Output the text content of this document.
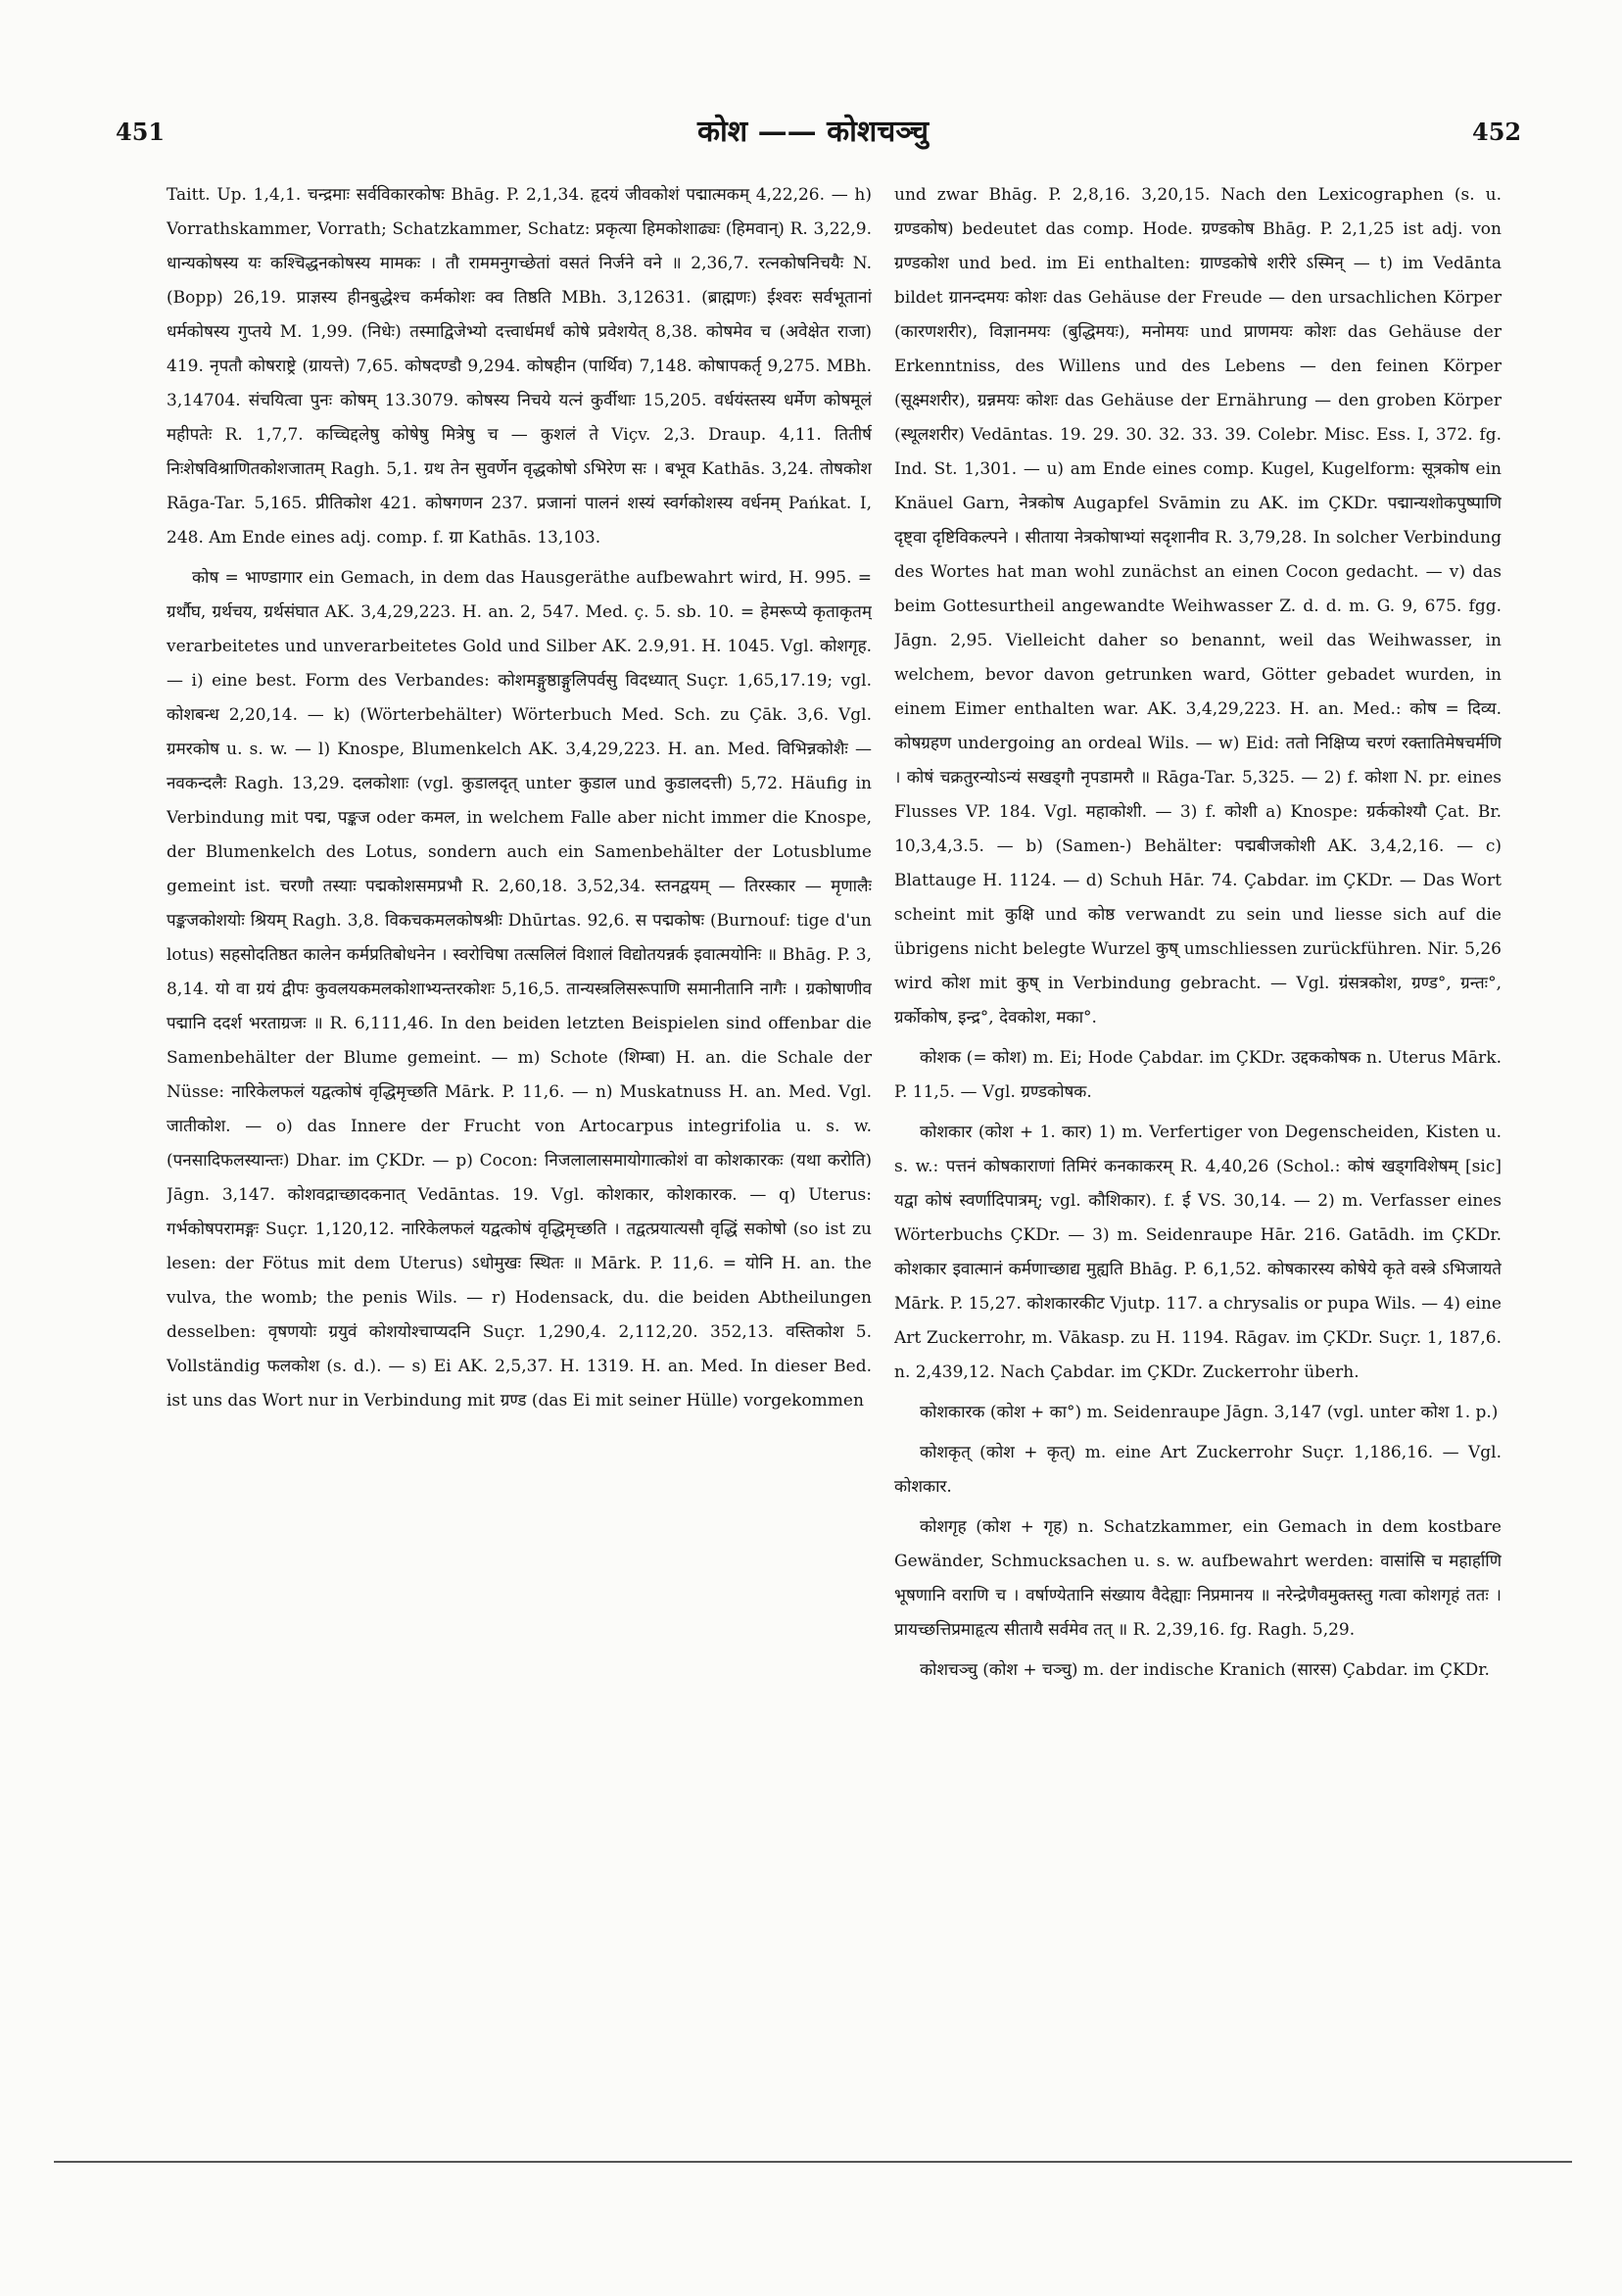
451	कोश —— कोशचञ्चु	452

Taitt. Up. 1,4,1. चन्द्रमाः सर्वविकारकोषः Bhāg. P. 2,1,34. हृदयं जीवकोशं पद्मात्मकम् 4,22,26. — h) Vorrathskammer, Vorrath; Schatzkammer, Schatz: प्रकृत्या हिमकोशाढ्यः (हिमवान्) R. 3,22,9. धान्यकोषस्य यः कश्चिद्धनकोषस्य मामकः । तौ राममनुगच्छेतां वसतं निर्जने वने ॥ 2,36,7. रत्नकोषनिचयैः N. (Bopp) 26,19. प्राज्ञस्य हीनबुद्धेश्च कर्मकोशः क्व तिष्ठति MBh. 3,12631. (ब्राह्मणः) ईश्वरः सर्वभूतानां धर्मकोषस्य गुप्तये M. 1,99. (निधेः) तस्माद्विजेभ्यो दत्त्वार्धमर्धं कोषे प्रवेशयेत् 8,38. कोषमेव च (अवेक्षेत राजा) 419. नृपतौ कोषराष्ट्रे (ग्रायत्ते) 7,65. कोषदण्डौ 9,294. कोषहीन (पार्थिव) 7,148. कोषापकर्तृ 9,275. MBh. 3,14704. संचयित्वा पुनः कोषम् 13.3079. कोषस्य निचये यत्नं कुर्वीथाः 15,205. वर्धयंस्तस्य धर्मेण कोषमूलं महीपतेः R. 1,7,7. कच्चिद्दलेषु कोषेषु मित्रेषु च — कुशलं ते Viçv. 2,3. Draup. 4,11. तितीर्ष निःशेषविश्राणितकोशजातम् Ragh. 5,1. ग्रथ तेन सुवर्णेन वृद्धकोषो ऽभिरेण सः । बभूव Kathās. 3,24. तोषकोश Rāga-Tar. 5,165. प्रीतिकोश 421. कोषगणन 237. प्रजानां पालनं शस्यं स्वर्गकोशस्य वर्धनम् Pańkat. I, 248. Am Ende eines adj. comp. f. ग्रा Kathās. 13,103.

कोष = भाण्डागार ein Gemach, in dem das Hausgeräthe aufbewahrt wird, H. 995. = ग्रर्थौघ, ग्रर्थचय, ग्रर्थसंघात AK. 3,4,29,223. H. an. 2, 547. Med. ç. 5. sb. 10. = हेमरूप्ये कृताकृतम् verarbeitetes und unverarbeitetes Gold und Silber AK. 2.9,91. H. 1045. Vgl. कोशगृह. — i) eine best. Form des Verbandes: कोशमङ्गुष्ठाङ्गुलिपर्वसु विदध्यात् Suçr. 1,65,17.19; vgl. कोशबन्ध 2,20,14. — k) (Wörterbehälter) Wörterbuch Med. Sch. zu Çāk. 3,6. Vgl. ग्रमरकोष u. s. w. — l) Knospe, Blumenkelch AK. 3,4,29,223. H. an. Med. विभिन्नकोशैः — नवकन्दलैः Ragh. 13,29. दलकोशाः (vgl. कुडालदृत् unter कुडाल und कुडालदत्ती) 5,72. Häufig in Verbindung mit पद्म, पङ्कज oder कमल, in welchem Falle aber nicht immer die Knospe, der Blumenkelch des Lotus, sondern auch ein Samenbehälter der Lotusblume gemeint ist. चरणौ तस्याः पद्मकोशसमप्रभौ R. 2,60,18. 3,52,34. स्तनद्वयम् — तिरस्कार — मृणालैः पङ्कजकोशयोः श्रियम् Ragh. 3,8. विकचकमलकोषश्रीः Dhūrtas. 92,6. स पद्मकोषः (Burnouf: tige d'un lotus) सहसोदतिष्ठत कालेन कर्मप्रतिबोधनेन । स्वरोचिषा तत्सलिलं विशालं विद्योतयन्नर्क इवात्मयोनिः ॥ Bhāg. P. 3, 8,14. यो वा ग्रयं द्वीपः कुवलयकमलकोशाभ्यन्तरकोशः 5,16,5. तान्यस्त्रलिसरूपाणि समानीतानि नागैः । ग्रकोषाणीव पद्मानि ददर्श भरताग्रजः ॥ R. 6,111,46. In den beiden letzten Beispielen sind offenbar die Samenbehälter der Blume gemeint. — m) Schote (शिम्बा) H. an. die Schale der Nüsse: नारिकेलफलं यद्वत्कोषं वृद्धिमृच्छति Mārk. P. 11,6. — n) Muskatnuss H. an. Med. Vgl. जातीकोश. — o) das Innere der Frucht von Artocarpus integrifolia u. s. w. (पनसादिफलस्यान्तः) Dhar. im ÇKDr. — p) Cocon: निजलालासमायोगात्कोशं वा कोशकारकः (यथा करोति) Jāgn. 3,147. कोशवद्राच्छादकनात् Vedāntas. 19. Vgl. कोशकार, कोशकारक. — q) Uterus: गर्भकोषपरामङ्गः Suçr. 1,120,12. नारिकेलफलं यद्वत्कोषं वृद्धिमृच्छति । तद्वत्प्रयात्यसौ वृद्धिं सकोषो (so ist zu lesen: der Fötus mit dem Uterus) ऽधोमुखः स्थितः ॥ Mārk. P. 11,6. = योनि H. an. the vulva, the womb; the penis Wils. — r) Hodensack, du. die beiden Abtheilungen desselben: वृषणयोः ग्रयुवं कोशयोश्चाप्यदनि Suçr. 1,290,4. 2,112,20. 352,13. वस्तिकोश 5. Vollständig फलकोश (s. d.). — s) Ei AK. 2,5,37. H. 1319. H. an. Med. In dieser Bed. ist uns das Wort nur in Verbindung mit ग्रण्ड (das Ei mit seiner Hülle) vorgekommen

und zwar Bhāg. P. 2,8,16. 3,20,15. Nach den Lexicographen (s. u. ग्रण्डकोष) bedeutet das comp. Hode. ग्रण्डकोष Bhāg. P. 2,1,25 ist adj. von ग्रण्डकोश und bed. im Ei enthalten: ग्राण्डकोषे शरीरे ऽस्मिन् — t) im Vedānta bildet ग्रानन्दमयः कोशः das Gehäuse der Freude — den ursachlichen Körper (कारणशरीर), विज्ञानमयः (बुद्धिमयः), मनोमयः und प्राणमयः कोशः das Gehäuse der Erkenntniss, des Willens und des Lebens — den feinen Körper (सूक्ष्मशरीर), ग्रन्नमयः कोशः das Gehäuse der Ernährung — den groben Körper (स्थूलशरीर) Vedāntas. 19. 29. 30. 32. 33. 39. Colebr. Misc. Ess. I, 372. fg. Ind. St. 1,301. — u) am Ende eines comp. Kugel, Kugelform: सूत्रकोष ein Knäuel Garn, नेत्रकोष Augapfel Svāmin zu AK. im ÇKDr. पद्मान्यशोकपुष्पाणि दृष्ट्वा दृष्टिविकल्पने । सीताया नेत्रकोषाभ्यां सदृशानीव R. 3,79,28. In solcher Verbindung des Wortes hat man wohl zunächst an einen Cocon gedacht. — v) das beim Gottesurtheil angewandte Weihwasser Z. d. d. m. G. 9, 675. fgg. Jāgn. 2,95. Vielleicht daher so benannt, weil das Weihwasser, in welchem, bevor davon getrunken ward, Götter gebadet wurden, in einem Eimer enthalten war. AK. 3,4,29,223. H. an. Med.: कोष = दिव्य. कोषग्रहण undergoing an ordeal Wils. — w) Eid: ततो निक्षिप्य चरणं रक्तातिमेषचर्मणि । कोषं चक्रतुरन्योऽन्यं सखड्गौ नृपडामरौ ॥ Rāga-Tar. 5,325. — 2) f. कोशा N. pr. eines Flusses VP. 184. Vgl. महाकोशी. — 3) f. कोशी a) Knospe: ग्रर्ककोश्यौ Çat. Br. 10,3,4,3.5. — b) (Samen-) Behälter: पद्मबीजकोशी AK. 3,4,2,16. — c) Blattauge H. 1124. — d) Schuh Hār. 74. Çabdar. im ÇKDr. — Das Wort scheint mit कुक्षि und कोष्ठ verwandt zu sein und liesse sich auf die übrigens nicht belegte Wurzel कुष् umschliessen zurückführen. Nir. 5,26 wird कोश mit कुष् in Verbindung gebracht. — Vgl. ग्रंसत्रकोश, ग्रण्ड°, ग्रन्तः°, ग्रर्कोकोष, इन्द्र°, देवकोश, मका°.

कोशक (= कोश) m. Ei; Hode Çabdar. im ÇKDr. उद्दककोषक n. Uterus Mārk. P. 11,5. — Vgl. ग्रण्डकोषक.

कोशकार (कोश + 1. कार) 1) m. Verfertiger von Degenscheiden, Kisten u. s. w.: पत्तनं कोषकाराणां तिमिरं कनकाकरम् R. 4,40,26 (Schol.: कोषं खड्गविशेषम् [sic] यद्वा कोषं स्वर्णादिपात्रम्; vgl. कौशिकार). f. ई VS. 30,14. — 2) m. Verfasser eines Wörterbuchs ÇKDr. — 3) m. Seidenraupe Hār. 216. Gatādh. im ÇKDr. कोशकार इवात्मानं कर्मणाच्छाद्य मुह्यति Bhāg. P. 6,1,52. कोषकारस्य कोषेये कृते वस्त्रे ऽभिजायते Mārk. P. 15,27. कोशकारकीट Vjutp. 117. a chrysalis or pupa Wils. — 4) eine Art Zuckerrohr, m. Vākasp. zu H. 1194. Rāgav. im ÇKDr. Suçr. 1, 187,6. n. 2,439,12. Nach Çabdar. im ÇKDr. Zuckerrohr überh.

कोशकारक (कोश + का°) m. Seidenraupe Jāgn. 3,147 (vgl. unter कोश 1. p.)

कोशकृत् (कोश + कृत्) m. eine Art Zuckerrohr Suçr. 1,186,16. — Vgl. कोशकार.

कोशगृह (कोश + गृह) n. Schatzkammer, ein Gemach in dem kostbare Gewänder, Schmucksachen u. s. w. aufbewahrt werden: वासांसि च महार्हाणि भूषणानि वराणि च । वर्षाण्येतानि संख्याय वैदेह्याः निप्रमानय ॥ नरेन्द्रेणैवमुक्तस्तु गत्वा कोशगृहं ततः । प्रायच्छत्तिप्रमाहृत्य सीतायै सर्वमेव तत् ॥ R. 2,39,16. fg. Ragh. 5,29.

कोशचञ्चु (कोश + चञ्चु) m. der indische Kranich (सारस) Çabdar. im ÇKDr.
